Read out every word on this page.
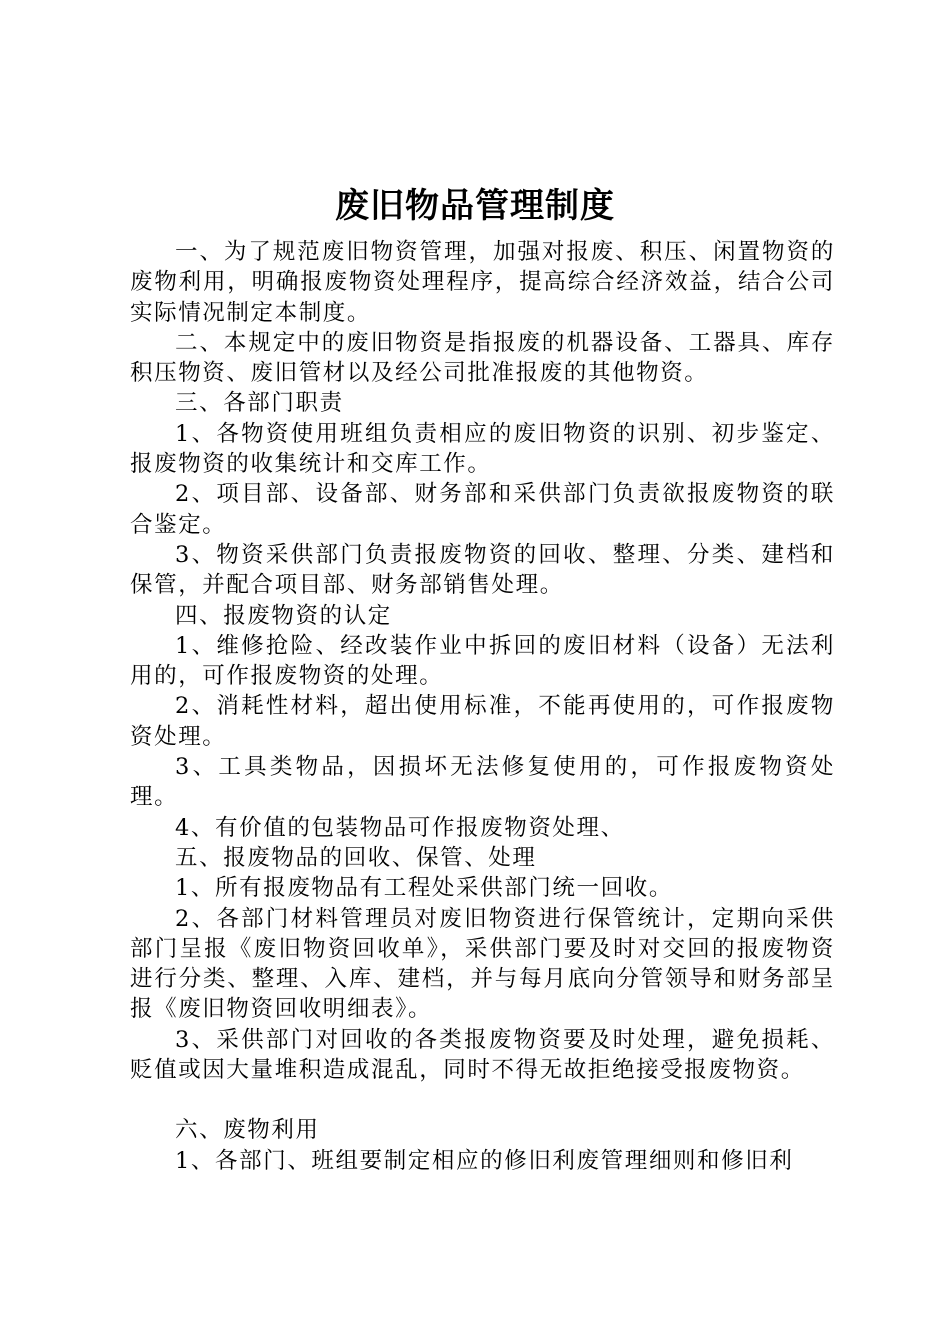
废旧物品管理制度

一、为了规范废旧物资管理，加强对报废、积压、闲置物资的废物利用，明确报废物资处理程序，提高综合经济效益，结合公司实际情况制定本制度。

二、本规定中的废旧物资是指报废的机器设备、工器具、库存积压物资、废旧管材以及经公司批准报废的其他物资。

三、各部门职责

1、各物资使用班组负责相应的废旧物资的识别、初步鉴定、报废物资的收集统计和交库工作。

2、项目部、设备部、财务部和采供部门负责欲报废物资的联合鉴定。

3、物资采供部门负责报废物资的回收、整理、分类、建档和保管，并配合项目部、财务部销售处理。

四、报废物资的认定

1、维修抢险、经改装作业中拆回的废旧材料（设备）无法利用的，可作报废物资的处理。

2、消耗性材料，超出使用标准，不能再使用的，可作报废物资处理。

3、工具类物品，因损坏无法修复使用的，可作报废物资处理。

4、有价值的包装物品可作报废物资处理、

五、报废物品的回收、保管、处理

1、所有报废物品有工程处采供部门统一回收。

2、各部门材料管理员对废旧物资进行保管统计，定期向采供部门呈报《废旧物资回收单》，采供部门要及时对交回的报废物资进行分类、整理、入库、建档，并与每月底向分管领导和财务部呈报《废旧物资回收明细表》。

3、采供部门对回收的各类报废物资要及时处理，避免损耗、贬值或因大量堆积造成混乱，同时不得无故拒绝接受报废物资。

六、废物利用

1、各部门、班组要制定相应的修旧利废管理细则和修旧利
